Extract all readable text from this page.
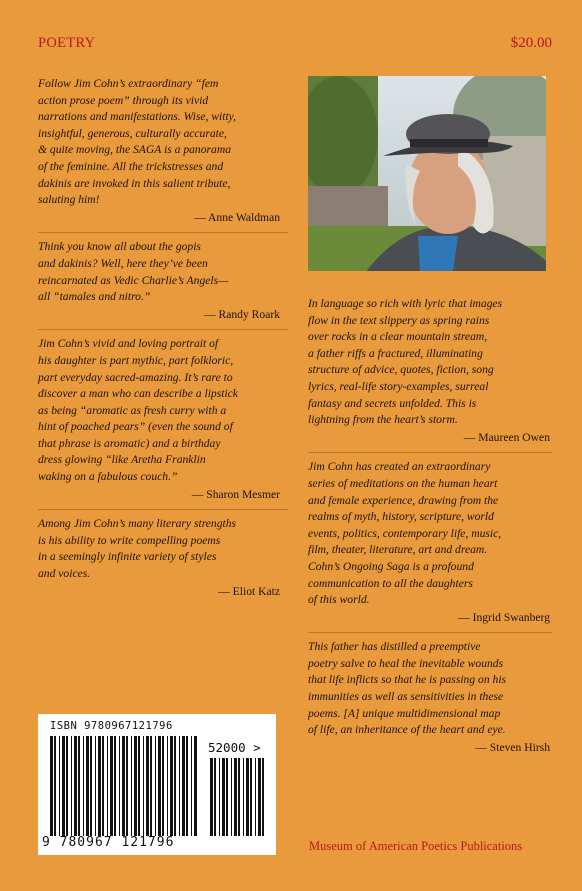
POETRY	$20.00

Follow Jim Cohn’s extraordinary “fem
action prose poem” through its vivid
narrations and manifestations. Wise, witty,
insightful, generous, culturally accurate,
& quite moving, the SAGA is a panorama
of the feminine. All the trickstresses and
dakinis are invoked in this salient tribute,
saluting him!

— Anne Waldman

Think you know all about the gopis
and dakinis? Well, here they’ve been
reincarnated as Vedic Charlie’s Angels—
all “tamales and nitro.”

— Randy Roark

Jim Cohn’s vivid and loving portrait of
his daughter is part mythic, part folkloric,
part everyday sacred-amazing. It’s rare to
discover a man who can describe a lipstick
as being “aromatic as fresh curry with a
hint of poached pears” (even the sound of
that phrase is aromatic) and a birthday
dress glowing “like Aretha Franklin
waking on a fabulous couch.”

— Sharon Mesmer

Among Jim Cohn’s many literary strengths
is his ability to write compelling poems
in a seemingly infinite variety of styles
and voices.

— Eliot Katz

In language so rich with lyric that images
flow in the text slippery as spring rains
over rocks in a clear mountain stream,
a father riffs a fractured, illuminating
structure of advice, quotes, fiction, song
lyrics, real-life story-examples, surreal
fantasy and secrets unfolded. This is
lightning from the heart’s storm.

— Maureen Owen

Jim Cohn has created an extraordinary
series of meditations on the human heart
and female experience, drawing from the
realms of myth, history, scripture, world
events, politics, contemporary life, music,
film, theater, literature, art and dream.
Cohn’s Ongoing Saga is a profound
communication to all the daughters
of this world.

— Ingrid Swanberg

This father has distilled a preemptive
poetry salve to heal the inevitable wounds
that life inflicts so that he is passing on his
immunities as well as sensitivities in these
poems. [A] unique multidimensional map
of life, an inheritance of the heart and eye.

— Steven Hirsh

ISBN 9780967121796
52000 >
9 780967 121796	Museum of American Poetics Publications
